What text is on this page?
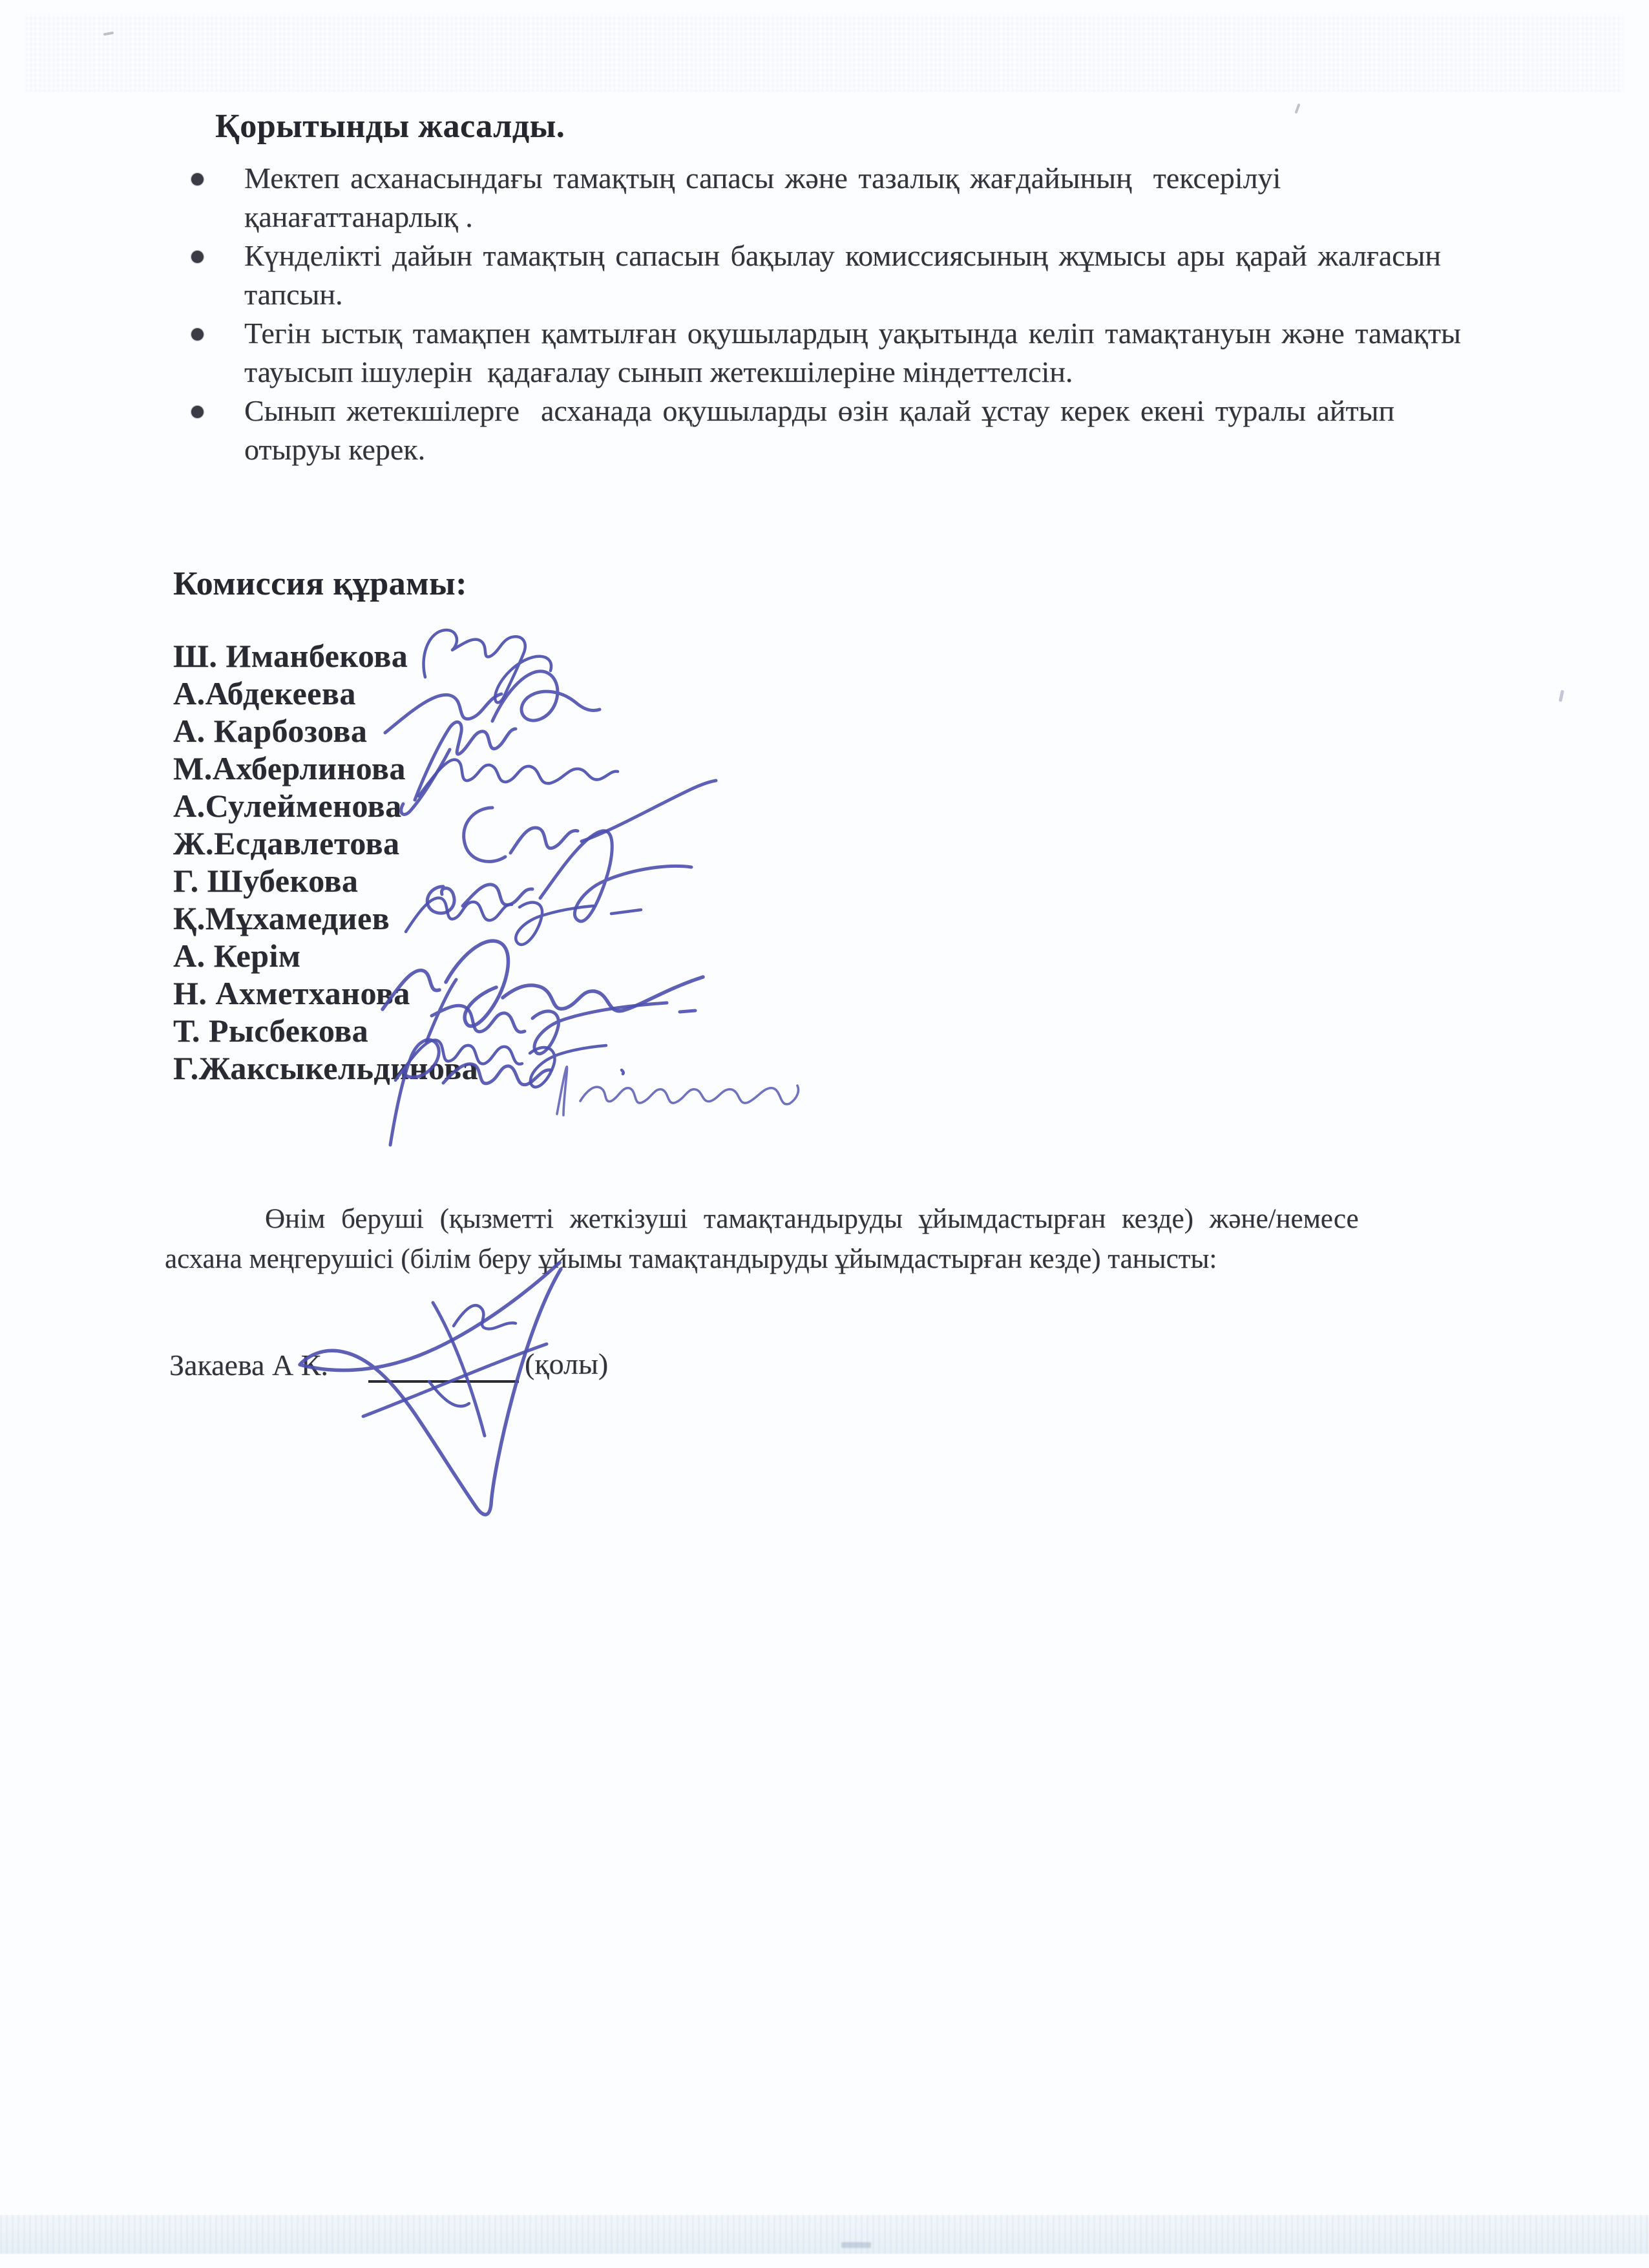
Қорытынды жасалды.
Мектеп асханасындағы тамақтың сапасы және тазалық жағдайының  тексерілуі
қанағаттанарлық .
Күнделікті дайын тамақтың сапасын бақылау комиссиясының жұмысы ары қарай жалғасын
тапсын.
Тегін ыстық тамақпен қамтылған оқушылардың уақытында келіп тамақтануын және тамақты
тауысып ішулерін  қадағалау сынып жетекшілеріне міндеттелсін.
Сынып жетекшілерге  асханада оқушыларды өзін қалай ұстау керек екені туралы айтып
отыруы керек.
Комиссия құрамы:
Ш. Иманбекова
А.Абдекеева
А. Карбозова
М.Ахберлинова
А.Сулейменова
Ж.Есдавлетова
Г. Шубекова
Қ.Мұхамедиев
А. Керім
Н. Ахметханова
Т. Рысбекова
Г.Жаксыкельдинова
Өнім беруші (қызметті жеткізуші тамақтандыруды ұйымдастырған кезде) және/немесе
асхана меңгерушісі (білім беру ұйымы тамақтандыруды ұйымдастырған кезде) танысты:
Закаева А К.	(қолы)
